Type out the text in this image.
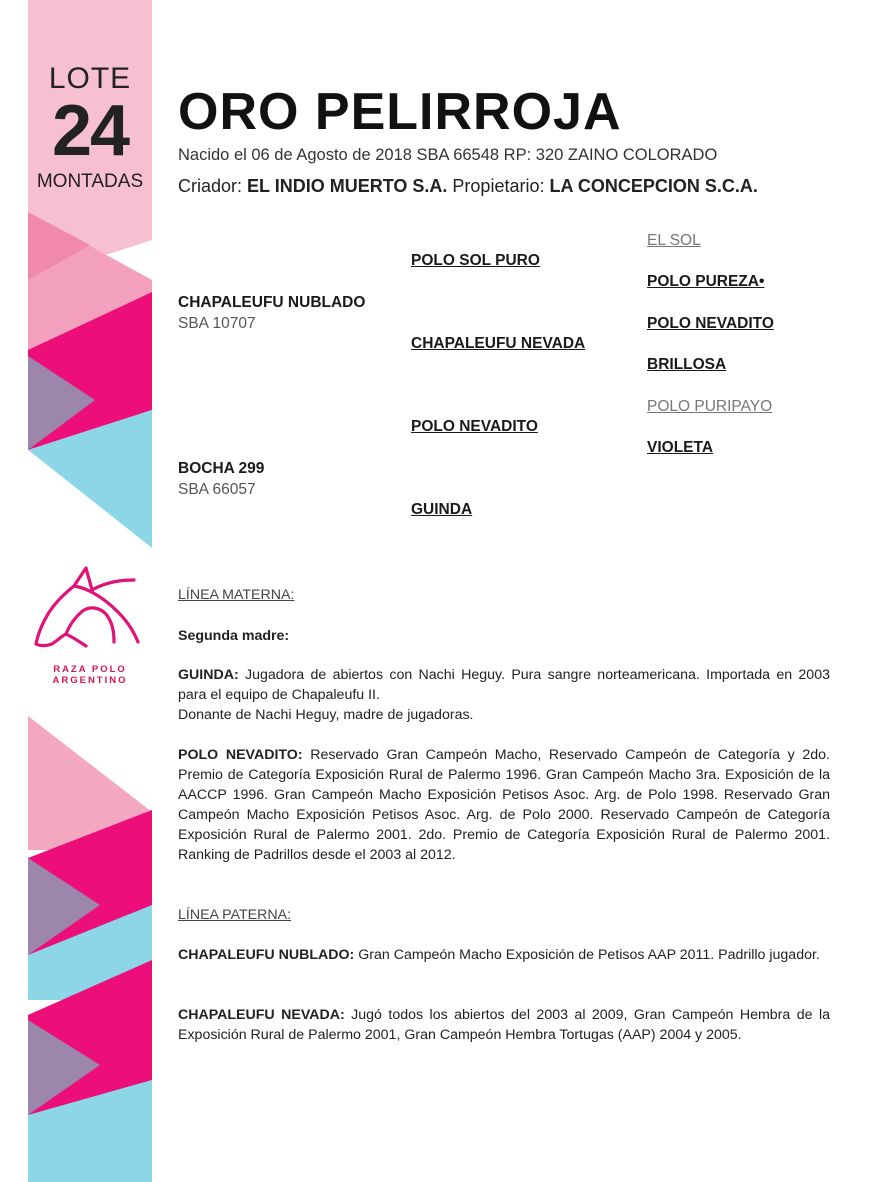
LOTE
24
MONTADAS
ORO PELIRROJA
Nacido el 06 de Agosto de 2018 SBA 66548 RP: 320 ZAINO COLORADO
Criador: EL INDIO MUERTO S.A. Propietario: LA CONCEPCION S.C.A.
CHAPALEUFU NUBLADO
SBA 10707
BOCHA 299
SBA 66057
POLO SOL PURO
CHAPALEUFU NEVADA
POLO NEVADITO
GUINDA
EL SOL
POLO PUREZA•
POLO NEVADITO
BRILLOSA
POLO PURIPAYO
VIOLETA
RAZA POLO
ARGENTINO
LÍNEA MATERNA:
Segunda madre:
GUINDA: Jugadora de abiertos con Nachi Heguy. Pura sangre norteamericana. Importada en 2003 para el equipo de Chapaleufu II.
Donante de Nachi Heguy, madre de jugadoras.
POLO NEVADITO: Reservado Gran Campeón Macho, Reservado Campeón de Categoría y 2do. Premio de Categoría Exposición Rural de Palermo 1996. Gran Campeón Macho 3ra. Exposición de la AACCP 1996. Gran Campeón Macho Exposición Petisos Asoc. Arg. de Polo 1998. Reservado Gran Campeón Macho Exposición Petisos Asoc. Arg. de Polo 2000. Reservado Campeón de Categoría Exposición Rural de Palermo 2001. 2do. Premio de Categoría Exposición Rural de Palermo 2001. Ranking de Padrillos desde el 2003 al 2012.
LÍNEA PATERNA:
CHAPALEUFU NUBLADO: Gran Campeón Macho Exposición de Petisos AAP 2011. Padrillo jugador.
CHAPALEUFU NEVADA: Jugó todos los abiertos del 2003 al 2009, Gran Campeón Hembra de la Exposición Rural de Palermo 2001, Gran Campeón Hembra Tortugas (AAP) 2004 y 2005.
